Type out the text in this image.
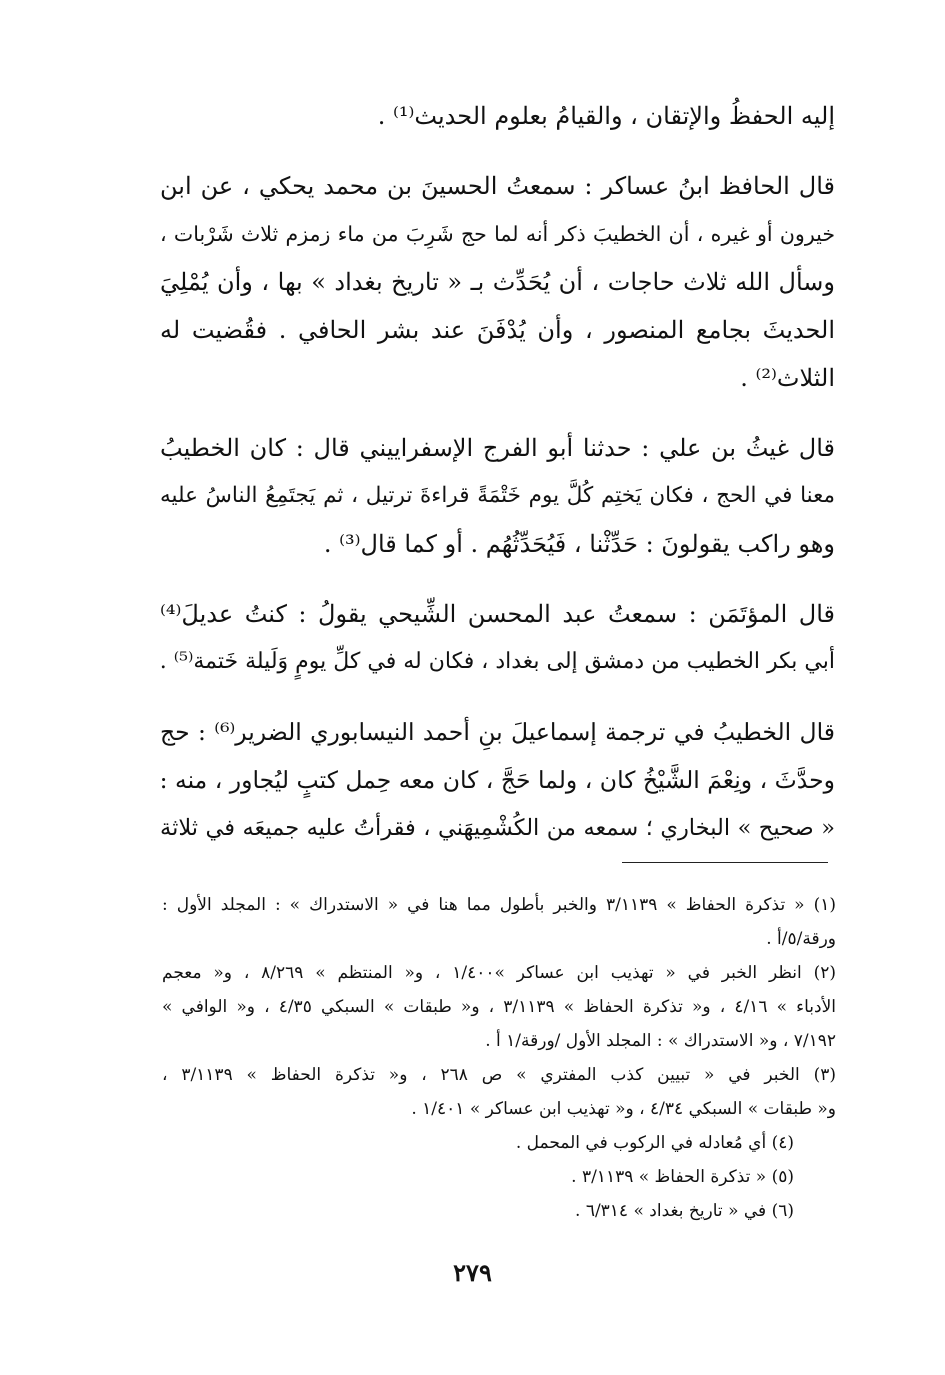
إليه الحفظُ والإتقان ، والقيامُ بعلوم الحديث⁽¹⁾ .
قال الحافظ ابنُ عساكر : سمعتُ الحسينَ بن محمد يحكي ، عن ابن
خيرون أو غيره ، أن الخطيبَ ذكر أنه لما حج شَرِبَ من ماء زمزم ثلاث شَرْبات ،
وسأل الله ثلاث حاجات ، أن يُحَدِّث بـ « تاريخ بغداد » بها ، وأن يُمْلِيَ
الحديثَ بجامع المنصور ، وأن يُدْفَنَ عند بشر الحافي . فقُضيت له
الثلاث⁽²⁾ .
قال غيثُ بن علي : حدثنا أبو الفرج الإسفراييني قال : كان الخطيبُ
معنا في الحج ، فكان يَختِم كُلَّ يوم خَتْمَةً قراءةَ ترتيل ، ثم يَجتَمِعُ الناسُ عليه
وهو راكب يقولونَ : حَدِّثْنا ، فَيُحَدِّثُهُم . أو كما قال⁽³⁾ .
قال المؤتَمَن : سمعتُ عبد المحسن الشِّيحي يقولُ : كنتُ عديلَ⁽⁴⁾
أبي بكر الخطيب من دمشق إلى بغداد ، فكان له في كلِّ يومٍ وَلَيلة خَتمة⁽⁵⁾ .
قال الخطيبُ في ترجمة إسماعيلَ بنِ أحمد النيسابوري الضرير⁽⁶⁾ : حج
وحدَّثَ ، ونِعْمَ الشَّيْخُ كان ، ولما حَجَّ ، كان معه حِمل كتبٍ ليُجاور ، منه :
« صحيح » البخاري ؛ سمعه من الكُشْمِيهَني ، فقرأتُ عليه جميعَه في ثلاثة
(١) « تذكرة الحفاظ » ٣/١١٣٩ والخبر بأطول مما هنا في « الاستدراك » : المجلد الأول :
ورقة/٥/أ .
(٢) انظر الخبر في « تهذيب ابن عساكر »١/٤٠٠ ، و« المنتظم » ٨/٢٦٩ ، و« معجم
الأدباء » ٤/١٦ ، و« تذكرة الحفاظ » ٣/١١٣٩ ، و« طبقات » السبكي ٤/٣٥ ، و« الوافي »
٧/١٩٢ ، و« الاستدراك » : المجلد الأول /ورقة/١ أ .
(٣) الخبر في « تبيين كذب المفتري » ص ٢٦٨ ، و« تذكرة الحفاظ » ٣/١١٣٩ ،
و« طبقات » السبكي ٤/٣٤ ، و« تهذيب ابن عساكر » ١/٤٠١ .
(٤) أي مُعادله في الركوب في المحمل .
(٥) « تذكرة الحفاظ » ٣/١١٣٩ .
(٦) في « تاريخ بغداد » ٦/٣١٤ .
٢٧٩
